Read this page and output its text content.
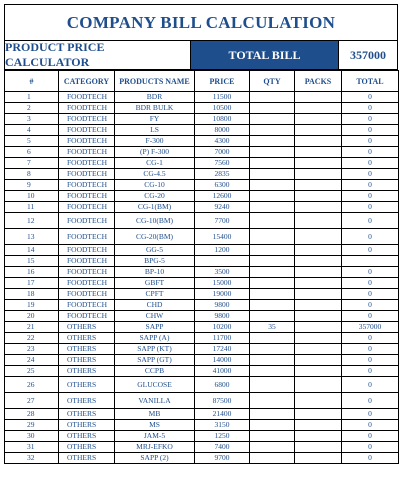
COMPANY BILL CALCULATION
PRODUCT PRICE CALCULATOR
TOTAL BILL	357000
#	CATEGORY	PRODUCTS NAME	PRICE	QTY	PACKS	TOTAL
1	FOODTECH	BDR	11500			0
2	FOODTECH	BDR BULK	10500			0
3	FOODTECH	FY	10800			0
4	FOODTECH	LS	8000			0
5	FOODTECH	F-300	4300			0
6	FOODTECH	(P) F-300	7000			0
7	FOODTECH	CG-1	7560			0
8	FOODTECH	CG-4.5	2835			0
9	FOODTECH	CG-10	6300			0
10	FOODTECH	CG-20	12600			0
11	FOODTECH	CG-1(BM)	9240			0
12	FOODTECH	CG-10(BM)	7700			0
13	FOODTECH	CG-20(BM)	15400			0
14	FOODTECH	GG-5	1200			0
15	FOODTECH	BPG-5				
16	FOODTECH	BP-10	3500			0
17	FOODTECH	GBFT	15000			0
18	FOODTECH	CPFT	19000			0
19	FOODTECH	CHD	9800			0
20	FOODTECH	CHW	9800			0
21	OTHERS	SAPP	10200	35		357000
22	OTHERS	SAPP (A)	11700			0
23	OTHERS	SAPP (KT)	17240			0
24	OTHERS	SAPP (GT)	14000			0
25	OTHERS	CCPB	41000			0
26	OTHERS	GLUCOSE	6800			0
27	OTHERS	VANILLA	87500			0
28	OTHERS	MB	21400			0
29	OTHERS	MS	3150			0
30	OTHERS	JAM-5	1250			0
31	OTHERS	MRJ-EFKO	7400			0
32	OTHERS	SAPP (2)	9700			0
